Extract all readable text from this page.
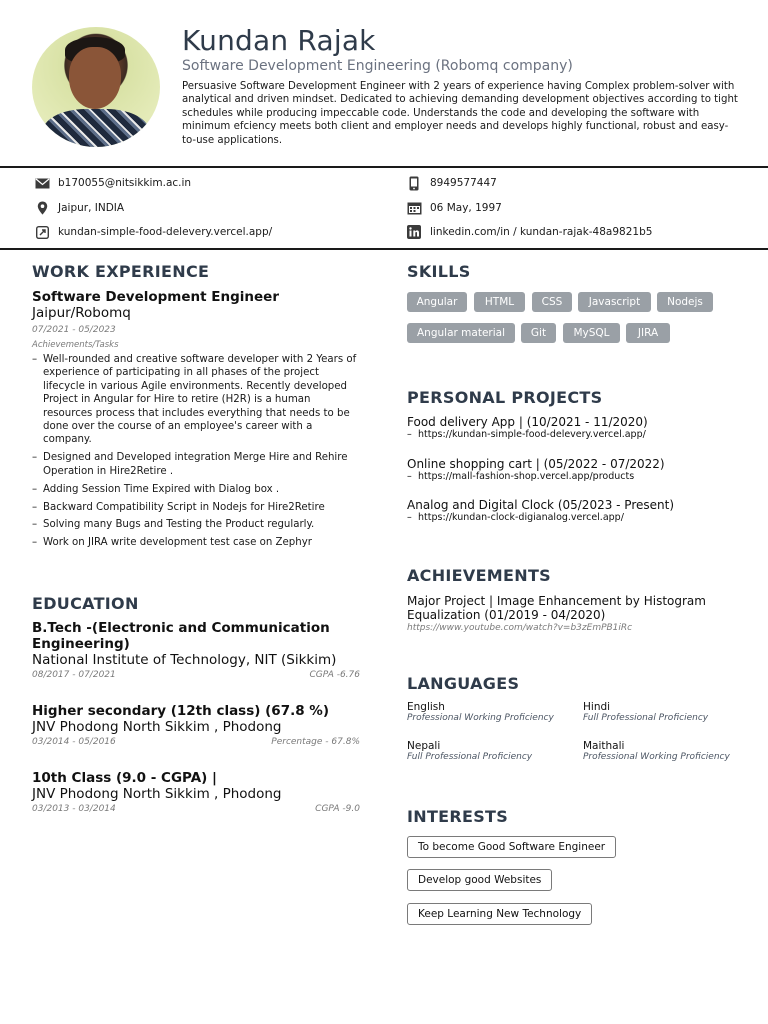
Kundan Rajak
Software Development Engineering (Robomq company)
Persuasive Software Development Engineer with 2 years of experience having Complex problem-solver with analytical and driven mindset. Dedicated to achieving demanding development objectives according to tight schedules while producing impeccable code. Understands the code and developing the software with minimum efciency meets both client and employer needs and develops highly functional, robust and easy-to-use applications.
b170055@nitsikkim.ac.in	8949577447
Jaipur, INDIA	06 May, 1997
kundan-simple-food-delevery.vercel.app/	linkedin.com/in / kundan-rajak-48a9821b5
WORK EXPERIENCE
Software Development Engineer
Jaipur/Robomq
07/2021 - 05/2023
Achievements/Tasks
– Well-rounded and creative software developer with 2 Years of experience of participating in all phases of the project lifecycle in various Agile environments. Recently developed Project in Angular for Hire to retire (H2R) is a human resources process that includes everything that needs to be done over the course of an employee's career with a company.
– Designed and Developed integration Merge Hire and Rehire Operation in Hire2Retire .
– Adding Session Time Expired with Dialog box .
– Backward Compatibility Script in Nodejs for Hire2Retire
– Solving many Bugs and Testing the Product regularly.
– Work on JIRA write development test case on Zephyr
EDUCATION
B.Tech -(Electronic and Communication Engineering)
National Institute of Technology, NIT (Sikkim)
08/2017 - 07/2021	CGPA -6.76
Higher secondary (12th class) (67.8 %)
JNV Phodong North Sikkim , Phodong
03/2014 - 05/2016	Percentage - 67.8%
10th Class (9.0 - CGPA) |
JNV Phodong North Sikkim , Phodong
03/2013 - 03/2014	CGPA -9.0
SKILLS
Angular	HTML	CSS	Javascript	Nodejs
Angular material	Git	MySQL	JIRA
PERSONAL PROJECTS
Food delivery App | (10/2021 - 11/2020)
– https://kundan-simple-food-delevery.vercel.app/
Online shopping cart | (05/2022 - 07/2022)
– https://mall-fashion-shop.vercel.app/products
Analog and Digital Clock (05/2023 - Present)
– https://kundan-clock-digianalog.vercel.app/
ACHIEVEMENTS
Major Project | Image Enhancement by Histogram Equalization (01/2019 - 04/2020)
https://www.youtube.com/watch?v=b3zEmPB1iRc
LANGUAGES
English
Professional Working Proficiency
Hindi
Full Professional Proficiency
Nepali
Full Professional Proficiency
Maithali
Professional Working Proficiency
INTERESTS
To become Good Software Engineer
Develop good Websites
Keep Learning New Technology
